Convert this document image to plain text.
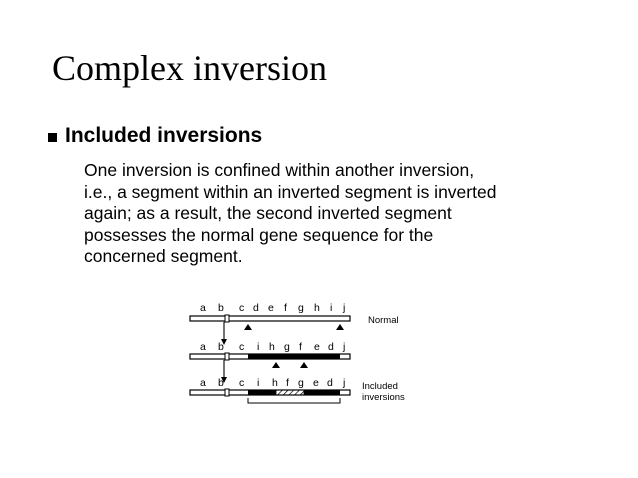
Complex inversion
Included inversions
One inversion is confined within another inversion,
i.e., a segment within an inverted segment is inverted
again; as a result, the second inverted segment
possesses the normal gene sequence for the
concerned segment.
a b c d e f g h i j
Normal
a b c i h g f e d j
a b c i h f g e d j Included inversions
